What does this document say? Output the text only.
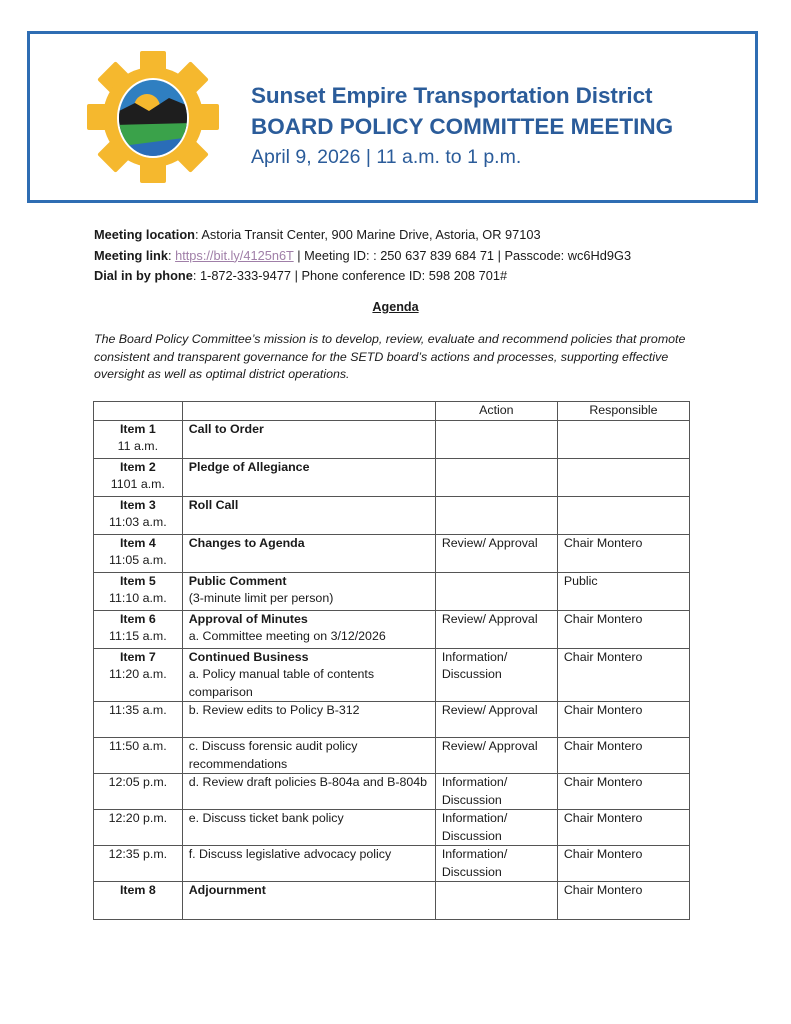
Sunset Empire Transportation District
BOARD POLICY COMMITTEE MEETING
April 9, 2026 | 11 a.m. to 1 p.m.
Meeting location: Astoria Transit Center, 900 Marine Drive, Astoria, OR 97103
Meeting link: https://bit.ly/4125n6T | Meeting ID: : 250 637 839 684 71 | Passcode: wc6Hd9G3
Dial in by phone: 1-872-333-9477 | Phone conference ID: 598 208 701#
Agenda
The Board Policy Committee’s mission is to develop, review, evaluate and recommend policies that promote consistent and transparent governance for the SETD board’s actions and processes, supporting effective oversight as well as optimal district operations.
		Action	Responsible

Item 1
11 a.m.	Call to Order		

Item 2
1101 a.m.	Pledge of Allegiance		

Item 3
11:03 a.m.	Roll Call		

Item 4
11:05 a.m.	Changes to Agenda	Review/ Approval	Chair Montero

Item 5
11:10 a.m.	Public Comment
(3-minute limit per person)		Public

Item 6
11:15 a.m.	Approval of Minutes
a. Committee meeting on 3/12/2026	Review/ Approval	Chair Montero

Item 7
11:20 a.m.	Continued Business
a. Policy manual table of contents comparison	Information/ Discussion	Chair Montero

11:35 a.m.	b. Review edits to Policy B-312	Review/ Approval	Chair Montero

11:50 a.m.	c. Discuss forensic audit policy recommendations	Review/ Approval	Chair Montero

12:05 p.m.	d. Review draft policies B-804a and B-804b	Information/ Discussion	Chair Montero

12:20 p.m.	e. Discuss ticket bank policy	Information/ Discussion	Chair Montero

12:35 p.m.	f. Discuss legislative advocacy policy	Information/ Discussion	Chair Montero

Item 8	Adjournment		Chair Montero
